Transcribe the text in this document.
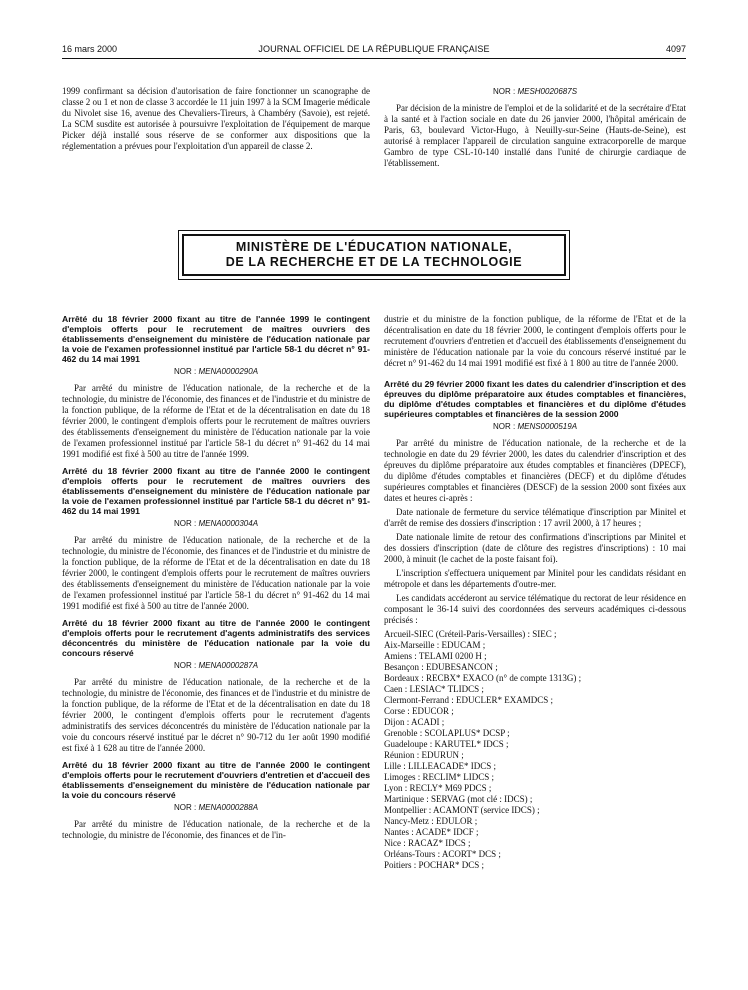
16 mars 2000	JOURNAL OFFICIEL DE LA RÉPUBLIQUE FRANÇAISE	4097

1999 confirmant sa décision d'autorisation de faire fonctionner un scanographe de classe 2 ou 1 et non de classe 3 accordée le 11 juin 1997 à la SCM Imagerie médicale du Nivolet sise 16, avenue des Chevaliers-Tireurs, à Chambéry (Savoie), est rejeté. La SCM susdite est autorisée à poursuivre l'exploitation de l'équipement de marque Picker déjà installé sous réserve de se conformer aux dispositions que la réglementation a prévues pour l'exploitation d'un appareil de classe 2.

NOR : MESH0020687S

Par décision de la ministre de l'emploi et de la solidarité et de la secrétaire d'Etat à la santé et à l'action sociale en date du 26 janvier 2000, l'hôpital américain de Paris, 63, boulevard Victor-Hugo, à Neuilly-sur-Seine (Hauts-de-Seine), est autorisé à remplacer l'appareil de circulation sanguine extracorporelle de marque Gambro de type CSL-10-140 installé dans l'unité de chirurgie cardiaque de l'établissement.

MINISTÈRE DE L'ÉDUCATION NATIONALE,
DE LA RECHERCHE ET DE LA TECHNOLOGIE
Arrêté du 18 février 2000 fixant au titre de l'année 1999 le contingent d'emplois offerts pour le recrutement de maîtres ouvriers des établissements d'enseignement du ministère de l'éducation nationale par la voie de l'examen professionnel institué par l'article 58-1 du décret n° 91-462 du 14 mai 1991
NOR : MENA0000290A

Par arrêté du ministre de l'éducation nationale, de la recherche et de la technologie, du ministre de l'économie, des finances et de l'industrie et du ministre de la fonction publique, de la réforme de l'Etat et de la décentralisation en date du 18 février 2000, le contingent d'emplois offerts pour le recrutement de maîtres ouvriers des établissements d'enseignement du ministère de l'éducation nationale par la voie de l'examen professionnel institué par l'article 58-1 du décret n° 91-462 du 14 mai 1991 modifié est fixé à 500 au titre de l'année 1999.

Arrêté du 18 février 2000 fixant au titre de l'année 2000 le contingent d'emplois offerts pour le recrutement de maîtres ouvriers des établissements d'enseignement du ministère de l'éducation nationale par la voie de l'examen professionnel institué par l'article 58-1 du décret n° 91-462 du 14 mai 1991
NOR : MENA0000304A

Par arrêté du ministre de l'éducation nationale, de la recherche et de la technologie, du ministre de l'économie, des finances et de l'industrie et du ministre de la fonction publique, de la réforme de l'Etat et de la décentralisation en date du 18 février 2000, le contingent d'emplois offerts pour le recrutement de maîtres ouvriers des établissements d'enseignement du ministère de l'éducation nationale par la voie de l'examen professionnel institué par l'article 58-1 du décret n° 91-462 du 14 mai 1991 modifié est fixé à 500 au titre de l'année 2000.

Arrêté du 18 février 2000 fixant au titre de l'année 2000 le contingent d'emplois offerts pour le recrutement d'agents administratifs des services déconcentrés du ministère de l'éducation nationale par la voie du concours réservé
NOR : MENA0000287A

Par arrêté du ministre de l'éducation nationale, de la recherche et de la technologie, du ministre de l'économie, des finances et de l'industrie et du ministre de la fonction publique, de la réforme de l'Etat et de la décentralisation en date du 18 février 2000, le contingent d'emplois offerts pour le recrutement d'agents administratifs des services déconcentrés du ministère de l'éducation nationale par la voie du concours réservé institué par le décret n° 90-712 du 1er août 1990 modifié est fixé à 1 628 au titre de l'année 2000.

Arrêté du 18 février 2000 fixant au titre de l'année 2000 le contingent d'emplois offerts pour le recrutement d'ouvriers d'entretien et d'accueil des établissements d'enseignement du ministère de l'éducation nationale par la voie du concours réservé
NOR : MENA0000288A

Par arrêté du ministre de l'éducation nationale, de la recherche et de la technologie, du ministre de l'économie, des finances et de l'in-

dustrie et du ministre de la fonction publique, de la réforme de l'Etat et de la décentralisation en date du 18 février 2000, le contingent d'emplois offerts pour le recrutement d'ouvriers d'entretien et d'accueil des établissements d'enseignement du ministère de l'éducation nationale par la voie du concours réservé institué par le décret n° 91-462 du 14 mai 1991 modifié est fixé à 1 800 au titre de l'année 2000.

Arrêté du 29 février 2000 fixant les dates du calendrier d'inscription et des épreuves du diplôme préparatoire aux études comptables et financières, du diplôme d'études comptables et financières et du diplôme d'études supérieures comptables et financières de la session 2000
NOR : MENS0000519A

Par arrêté du ministre de l'éducation nationale, de la recherche et de la technologie en date du 29 février 2000, les dates du calendrier d'inscription et des épreuves du diplôme préparatoire aux études comptables et financières (DPECF), du diplôme d'études comptables et financières (DECF) et du diplôme d'études supérieures comptables et financières (DESCF) de la session 2000 sont fixées aux dates et heures ci-après :

Date nationale de fermeture du service télématique d'inscription par Minitel et d'arrêt de remise des dossiers d'inscription : 17 avril 2000, à 17 heures ;

Date nationale limite de retour des confirmations d'inscriptions par Minitel et des dossiers d'inscription (date de clôture des registres d'inscriptions) : 10 mai 2000, à minuit (le cachet de la poste faisant foi).

L'inscription s'effectuera uniquement par Minitel pour les candidats résidant en métropole et dans les départements d'outre-mer.

Les candidats accéderont au service télématique du rectorat de leur résidence en composant le 36-14 suivi des coordonnées des serveurs académiques ci-dessous précisés :

Arcueil-SIEC (Créteil-Paris-Versailles) : SIEC ;
Aix-Marseille : EDUCAM ;
Amiens : TELAMI 0200 H ;
Besançon : EDUBESANCON ;
Bordeaux : RECBX* EXACO (n° de compte 1313G) ;
Caen : LESIAC* TLIDCS ;
Clermont-Ferrand : EDUCLER* EXAMDCS ;
Corse : EDUCOR ;
Dijon : ACADI ;
Grenoble : SCOLAPLUS* DCSP ;
Guadeloupe : KARUTEL* IDCS ;
Réunion : EDURUN ;
Lille : LILLEACADE* IDCS ;
Limoges : RECLIM* LIDCS ;
Lyon : RECLY* M69 PDCS ;
Martinique : SERVAG (mot clé : IDCS) ;
Montpellier : ACAMONT (service IDCS) ;
Nancy-Metz : EDULOR ;
Nantes : ACADE* IDCF ;
Nice : RACAZ* IDCS ;
Orléans-Tours : ACORT* DCS ;
Poitiers : POCHAR* DCS ;
